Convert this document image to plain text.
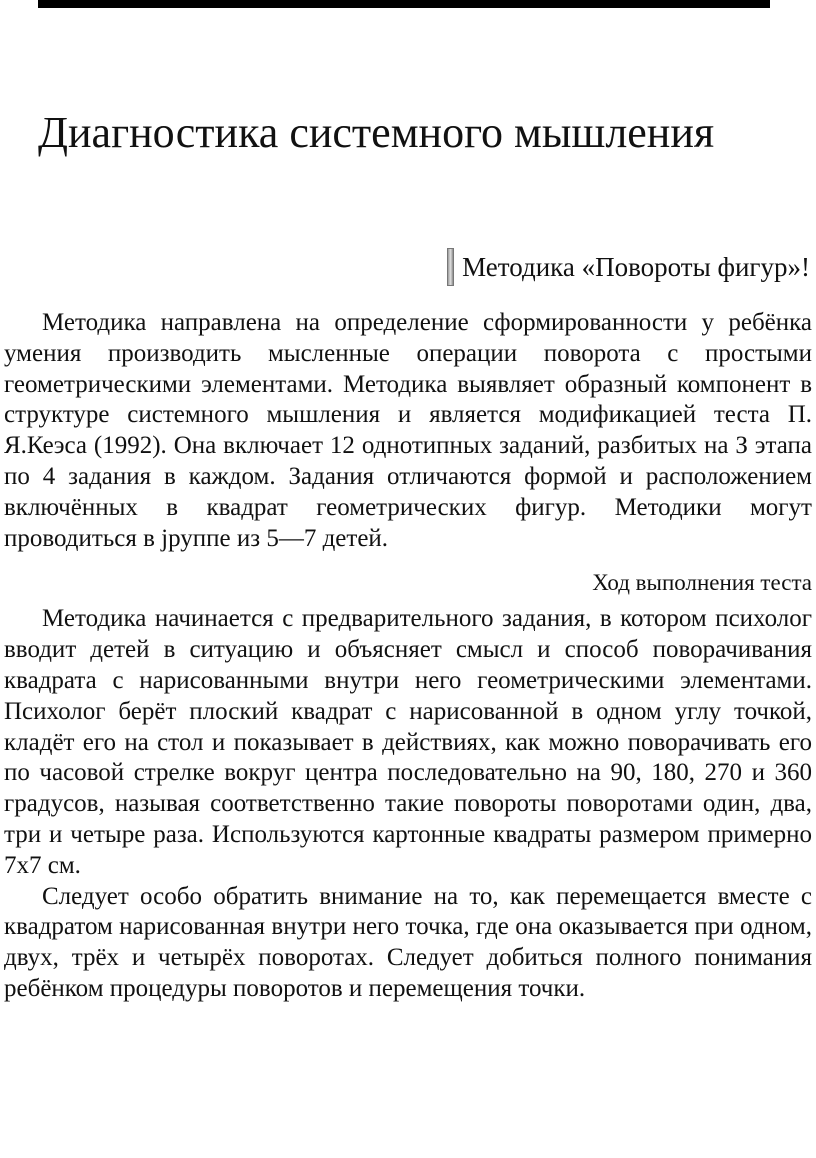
Диагностика системного мышления
Методика «Повороты фигур»!

Методика направлена на определение сформированности у ребёнка умения производить мысленные операции поворота с простыми геометрическими элементами. Методика выявляет образный компонент в структуре системного мышления и является модификацией теста П. Я.Кеэса (1992). Она включает 12 однотипных заданий, разбитых на З этапа по 4 задания в каждом. Задания отличаются формой и расположением включённых в квадрат геометрических фигур. Методики могут проводиться в jруппе из 5—7 детей.

Ход выполнения теста

Методика начинается с предварительного задания, в котором психолог вводит детей в ситуацию и объясняет смысл и способ поворачивания квадрата с нарисованными внутри него геометрическими элементами. Психолог берёт плоский квадрат с нарисованной в одном углу точкой, кладёт его на стол и показывает в действиях, как можно поворачивать его по часовой стрелке вокруг центра последовательно на 90, 180, 270 и 360 градусов, называя соответственно такие повороты поворотами один, два, три и четыре раза. Используются картонные квадраты размером примерно 7х7 см.

Следует особо обратить внимание на то, как перемещается вместе с квадратом нарисованная внутри него точка, где она оказывается при одном, двух, трёх и четырёх поворотах. Следует добиться полного понимания ребёнком процедуры поворотов и перемещения точки.
